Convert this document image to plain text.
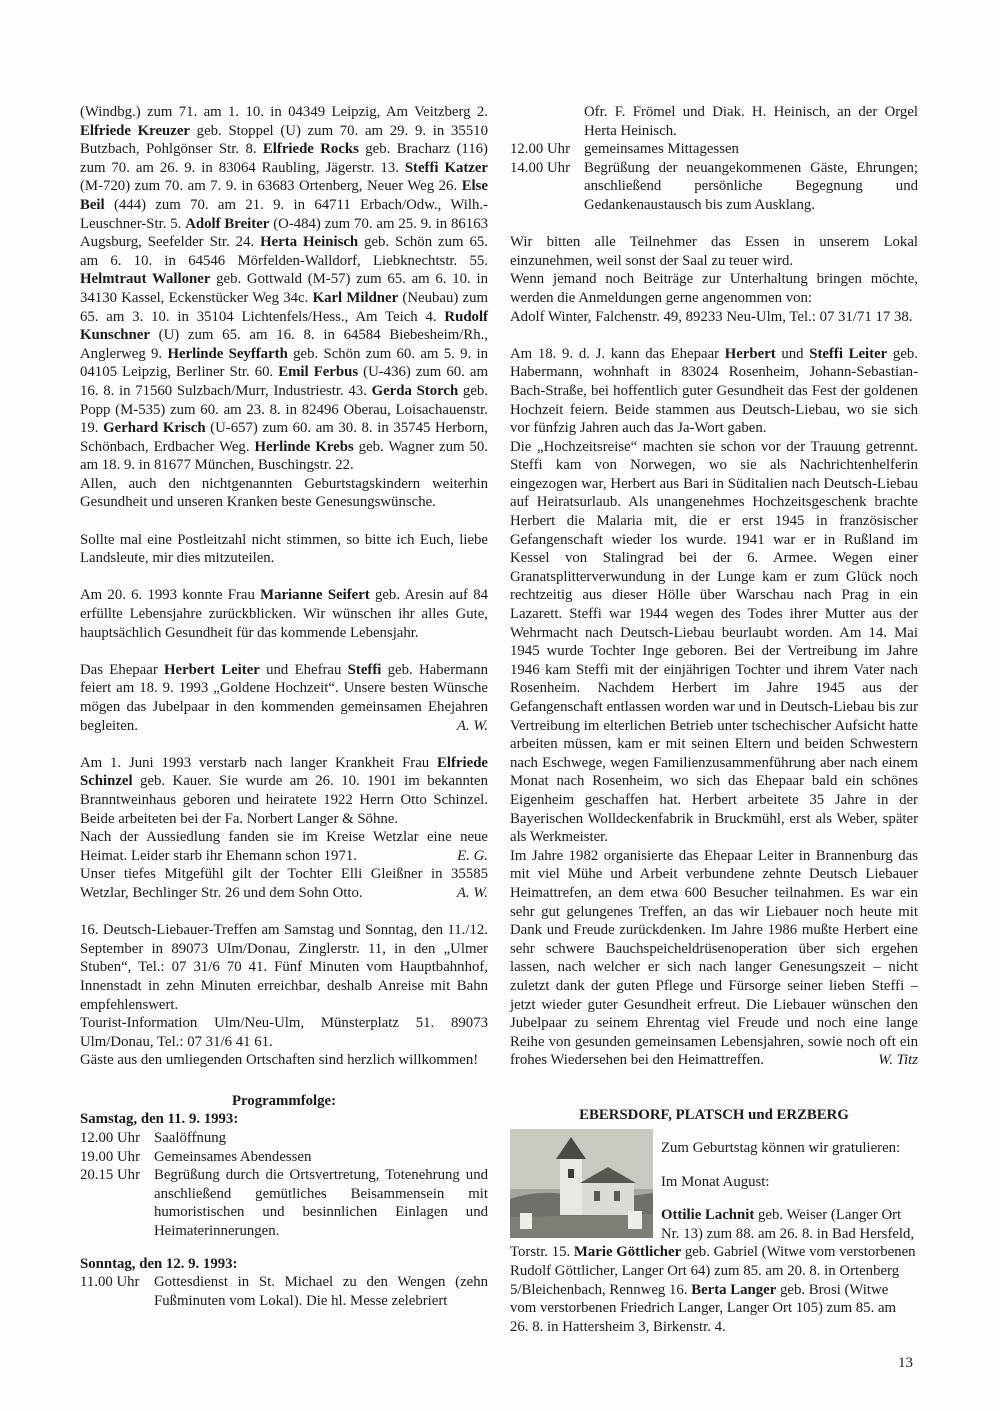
(Windbg.) zum 71. am 1. 10. in 04349 Leipzig, Am Veitzberg 2. Elfriede Kreuzer geb. Stoppel (U) zum 70. am 29. 9. in 35510 Butzbach, Pohlgönser Str. 8. Elfriede Rocks geb. Bracharz (116) zum 70. am 26. 9. in 83064 Raubling, Jägerstr. 13. Steffi Katzer (M-720) zum 70. am 7. 9. in 63683 Ortenberg, Neuer Weg 26. Else Beil (444) zum 70. am 21. 9. in 64711 Erbach/Odw., Wilh.-Leuschner-Str. 5. Adolf Breiter (O-484) zum 70. am 25. 9. in 86163 Augsburg, Seefelder Str. 24. Herta Heinisch geb. Schön zum 65. am 6. 10. in 64546 Mörfelden-Walldorf, Liebknechtstr. 55. Helmtraut Walloner geb. Gottwald (M-57) zum 65. am 6. 10. in 34130 Kassel, Eckenstücker Weg 34c. Karl Mildner (Neubau) zum 65. am 3. 10. in 35104 Lichtenfels/Hess., Am Teich 4. Rudolf Kunschner (U) zum 65. am 16. 8. in 64584 Biebesheim/Rh., Anglerweg 9. Herlinde Seyffarth geb. Schön zum 60. am 5. 9. in 04105 Leipzig, Berliner Str. 60. Emil Ferbus (U-436) zum 60. am 16. 8. in 71560 Sulzbach/Murr, Industriestr. 43. Gerda Storch geb. Popp (M-535) zum 60. am 23. 8. in 82496 Oberau, Loisachauenstr. 19. Gerhard Krisch (U-657) zum 60. am 30. 8. in 35745 Herborn, Schönbach, Erdbacher Weg. Herlinde Krebs geb. Wagner zum 50. am 18. 9. in 81677 München, Buschingstr. 22.

Allen, auch den nichtgenannten Geburtstagskindern weiterhin Gesundheit und unseren Kranken beste Genesungswünsche.

Sollte mal eine Postleitzahl nicht stimmen, so bitte ich Euch, liebe Landsleute, mir dies mitzuteilen.

Am 20. 6. 1993 konnte Frau Marianne Seifert geb. Aresin auf 84 erfüllte Lebensjahre zurückblicken. Wir wünschen ihr alles Gute, hauptsächlich Gesundheit für das kommende Lebensjahr.

Das Ehepaar Herbert Leiter und Ehefrau Steffi geb. Habermann feiert am 18. 9. 1993 „Goldene Hochzeit“. Unsere besten Wünsche mögen das Jubelpaar in den kommenden gemeinsamen Ehejahren begleiten.	A. W.

Am 1. Juni 1993 verstarb nach langer Krankheit Frau Elfriede Schinzel geb. Kauer. Sie wurde am 26. 10. 1901 im bekannten Branntweinhaus geboren und heiratete 1922 Herrn Otto Schinzel. Beide arbeiteten bei der Fa. Norbert Langer & Söhne.

Nach der Aussiedlung fanden sie im Kreise Wetzlar eine neue Heimat. Leider starb ihr Ehemann schon 1971.	E. G.

Unser tiefes Mitgefühl gilt der Tochter Elli Gleißner in 35585 Wetzlar, Bechlinger Str. 26 und dem Sohn Otto.	A. W.

16. Deutsch-Liebauer-Treffen am Samstag und Sonntag, den 11./12. September in 89073 Ulm/Donau, Zinglerstr. 11, in den „Ulmer Stuben“, Tel.: 07 31/6 70 41. Fünf Minuten vom Hauptbahnhof, Innenstadt in zehn Minuten erreichbar, deshalb Anreise mit Bahn empfehlenswert.

Tourist-Information Ulm/Neu-Ulm, Münsterplatz 51. 89073 Ulm/Donau, Tel.: 07 31/6 41 61.

Gäste aus den umliegenden Ortschaften sind herzlich willkommen!

Programmfolge:

Samstag, den 11. 9. 1993:

12.00 Uhr Saalöffnung
19.00 Uhr Gemeinsames Abendessen
20.15 Uhr Begrüßung durch die Ortsvertretung, Totenehrung und anschließend gemütliches Beisammensein mit humoristischen und besinnlichen Einlagen und Heimaterinnerungen.

Sonntag, den 12. 9. 1993:

11.00 Uhr Gottesdienst in St. Michael zu den Wengen (zehn Fußminuten vom Lokal). Die hl. Messe zelebriert

Ofr. F. Frömel und Diak. H. Heinisch, an der Orgel Herta Heinisch.

12.00 Uhr gemeinsames Mittagessen
14.00 Uhr Begrüßung der neuangekommenen Gäste, Ehrungen; anschließend persönliche Begegnung und Gedankenaustausch bis zum Ausklang.

Wir bitten alle Teilnehmer das Essen in unserem Lokal einzunehmen, weil sonst der Saal zu teuer wird.

Wenn jemand noch Beiträge zur Unterhaltung bringen möchte, werden die Anmeldungen gerne angenommen von:

Adolf Winter, Falchenstr. 49, 89233 Neu-Ulm, Tel.: 07 31/71 17 38.

Am 18. 9. d. J. kann das Ehepaar Herbert und Steffi Leiter geb. Habermann, wohnhaft in 83024 Rosenheim, Johann-Sebastian-Bach-Straße, bei hoffentlich guter Gesundheit das Fest der goldenen Hochzeit feiern. Beide stammen aus Deutsch-Liebau, wo sie sich vor fünfzig Jahren auch das Ja-Wort gaben.

Die „Hochzeitsreise“ machten sie schon vor der Trauung getrennt. Steffi kam von Norwegen, wo sie als Nachrichtenhelferin eingezogen war, Herbert aus Bari in Süditalien nach Deutsch-Liebau auf Heiratsurlaub. Als unangenehmes Hochzeitsgeschenk brachte Herbert die Malaria mit, die er erst 1945 in französischer Gefangenschaft wieder los wurde. 1941 war er in Rußland im Kessel von Stalingrad bei der 6. Armee. Wegen einer Granatsplitterverwundung in der Lunge kam er zum Glück noch rechtzeitig aus dieser Hölle über Warschau nach Prag in ein Lazarett. Steffi war 1944 wegen des Todes ihrer Mutter aus der Wehrmacht nach Deutsch-Liebau beurlaubt worden. Am 14. Mai 1945 wurde Tochter Inge geboren. Bei der Vertreibung im Jahre 1946 kam Steffi mit der einjährigen Tochter und ihrem Vater nach Rosenheim. Nachdem Herbert im Jahre 1945 aus der Gefangenschaft entlassen worden war und in Deutsch-Liebau bis zur Vertreibung im elterlichen Betrieb unter tschechischer Aufsicht hatte arbeiten müssen, kam er mit seinen Eltern und beiden Schwestern nach Eschwege, wegen Familienzusammenführung aber nach einem Monat nach Rosenheim, wo sich das Ehepaar bald ein schönes Eigenheim geschaffen hat. Herbert arbeitete 35 Jahre in der Bayerischen Wolldeckenfabrik in Bruckmühl, erst als Weber, später als Werkmeister.

Im Jahre 1982 organisierte das Ehepaar Leiter in Brannenburg das mit viel Mühe und Arbeit verbundene zehnte Deutsch Liebauer Heimattrefen, an dem etwa 600 Besucher teilnahmen. Es war ein sehr gut gelungenes Treffen, an das wir Liebauer noch heute mit Dank und Freude zurückdenken. Im Jahre 1986 mußte Herbert eine sehr schwere Bauchspeicheldrüsenoperation über sich ergehen lassen, nach welcher er sich nach langer Genesungszeit – nicht zuletzt dank der guten Pflege und Fürsorge seiner lieben Steffi – jetzt wieder guter Gesundheit erfreut. Die Liebauer wünschen den Jubelpaar zu seinem Ehrentag viel Freude und noch eine lange Reihe von gesunden gemeinsamen Lebensjahren, sowie noch oft ein frohes Wiedersehen bei den Heimattreffen.	W. Titz

EBERSDORF, PLATSCH und ERZBERG

Zum Geburtstag können wir gratulieren:

Im Monat August:

Ottilie Lachnit geb. Weiser (Langer Ort Nr. 13) zum 88. am 26. 8. in Bad Hersfeld, Torstr. 15. Marie Göttlicher geb. Gabriel (Witwe vom verstorbenen Rudolf Göttlicher, Langer Ort 64) zum 85. am 20. 8. in Ortenberg 5/Bleichenbach, Rennweg 16. Berta Langer geb. Brosi (Witwe vom verstorbenen Friedrich Langer, Langer Ort 105) zum 85. am 26. 8. in Hattersheim 3, Birkenstr. 4.

13
